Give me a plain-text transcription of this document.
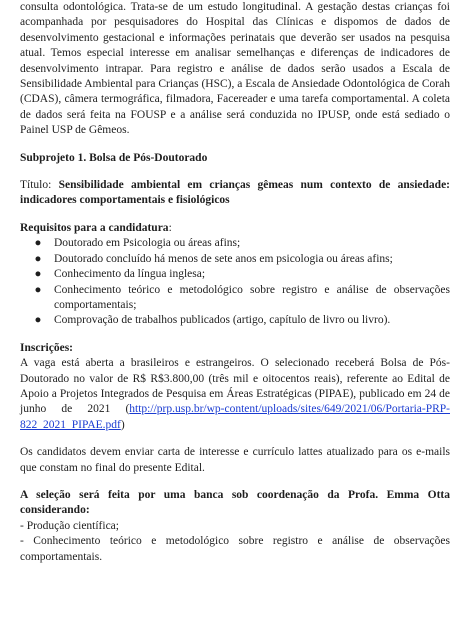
consulta odontológica. Trata-se de um estudo longitudinal. A gestação destas crianças foi acompanhada por pesquisadores do Hospital das Clínicas e dispomos de dados de desenvolvimento gestacional e informações perinatais que deverão ser usados na pesquisa atual. Temos especial interesse em analisar semelhanças e diferenças de indicadores de desenvolvimento intrapar. Para registro e análise de dados serão usados a Escala de Sensibilidade Ambiental para Crianças (HSC), a Escala de Ansiedade Odontológica de Corah (CDAS), câmera termográfica, filmadora, Facereader e uma tarefa comportamental. A coleta de dados será feita na FOUSP e a análise será conduzida no IPUSP, onde está sediado o Painel USP de Gêmeos.

Subprojeto 1. Bolsa de Pós-Doutorado

Título: Sensibilidade ambiental em crianças gêmeas num contexto de ansiedade: indicadores comportamentais e fisiológicos

Requisitos para a candidatura:

● Doutorado em Psicologia ou áreas afins;
● Doutorado concluído há menos de sete anos em psicologia ou áreas afins;
● Conhecimento da língua inglesa;
● Conhecimento teórico e metodológico sobre registro e análise de observações comportamentais;
● Comprovação de trabalhos publicados (artigo, capítulo de livro ou livro).

Inscrições:

A vaga está aberta a brasileiros e estrangeiros. O selecionado receberá Bolsa de Pós-Doutorado no valor de R$ R$3.800,00 (três mil e oitocentos reais), referente ao Edital de Apoio a Projetos Integrados de Pesquisa em Áreas Estratégicas (PIPAE), publicado em 24 de junho de 2021 (http://prp.usp.br/wp-content/uploads/sites/649/2021/06/Portaria-PRP-822_2021_PIPAE.pdf)

Os candidatos devem enviar carta de interesse e currículo lattes atualizado para os e-mails que constam no final do presente Edital.

A seleção será feita por uma banca sob coordenação da Profa. Emma Otta considerando:

- Produção científica;
- Conhecimento teórico e metodológico sobre registro e análise de observações comportamentais.
